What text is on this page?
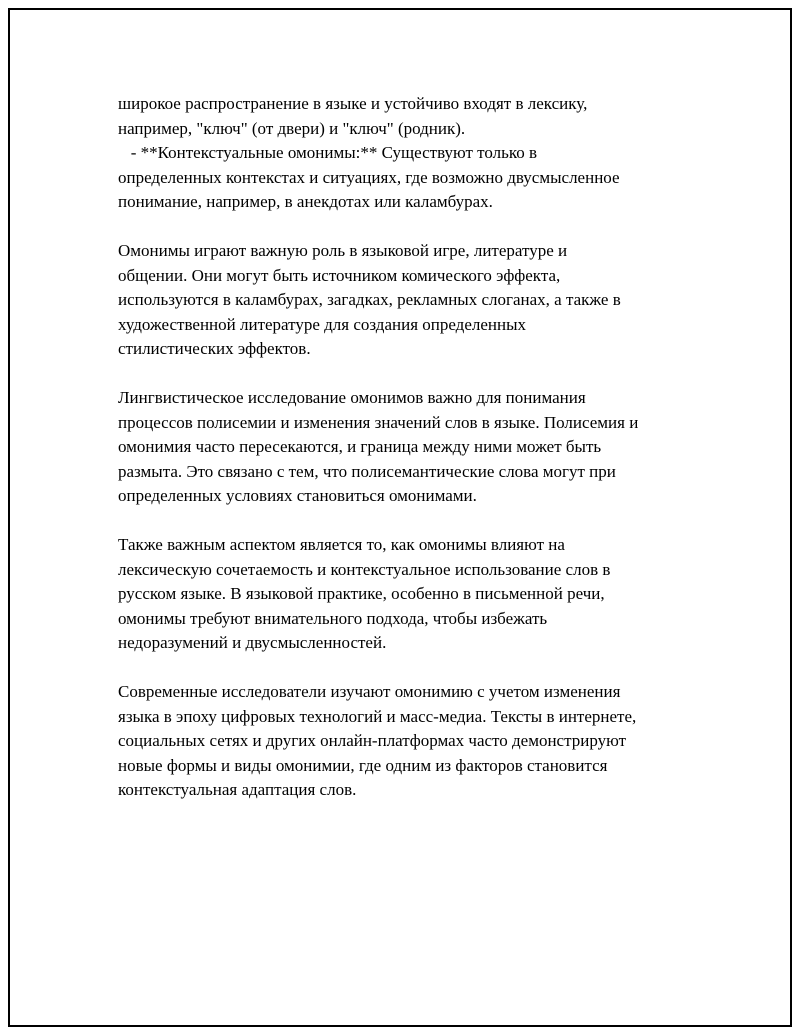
широкое распространение в языке и устойчиво входят в лексику,
например, "ключ" (от двери) и "ключ" (родник).
- **Контекстуальные омонимы:** Существуют только в
определенных контекстах и ситуациях, где возможно двусмысленное
понимание, например, в анекдотах или каламбурах.

Омонимы играют важную роль в языковой игре, литературе и
общении. Они могут быть источником комического эффекта,
используются в каламбурах, загадках, рекламных слоганах, а также в
художественной литературе для создания определенных
стилистических эффектов.

Лингвистическое исследование омонимов важно для понимания
процессов полисемии и изменения значений слов в языке. Полисемия и
омонимия часто пересекаются, и граница между ними может быть
размыта. Это связано с тем, что полисемантические слова могут при
определенных условиях становиться омонимами.

Также важным аспектом является то, как омонимы влияют на
лексическую сочетаемость и контекстуальное использование слов в
русском языке. В языковой практике, особенно в письменной речи,
омонимы требуют внимательного подхода, чтобы избежать
недоразумений и двусмысленностей.

Современные исследователи изучают омонимию с учетом изменения
языка в эпоху цифровых технологий и масс-медиа. Тексты в интернете,
социальных сетях и других онлайн-платформах часто демонстрируют
новые формы и виды омонимии, где одним из факторов становится
контекстуальная адаптация слов.
